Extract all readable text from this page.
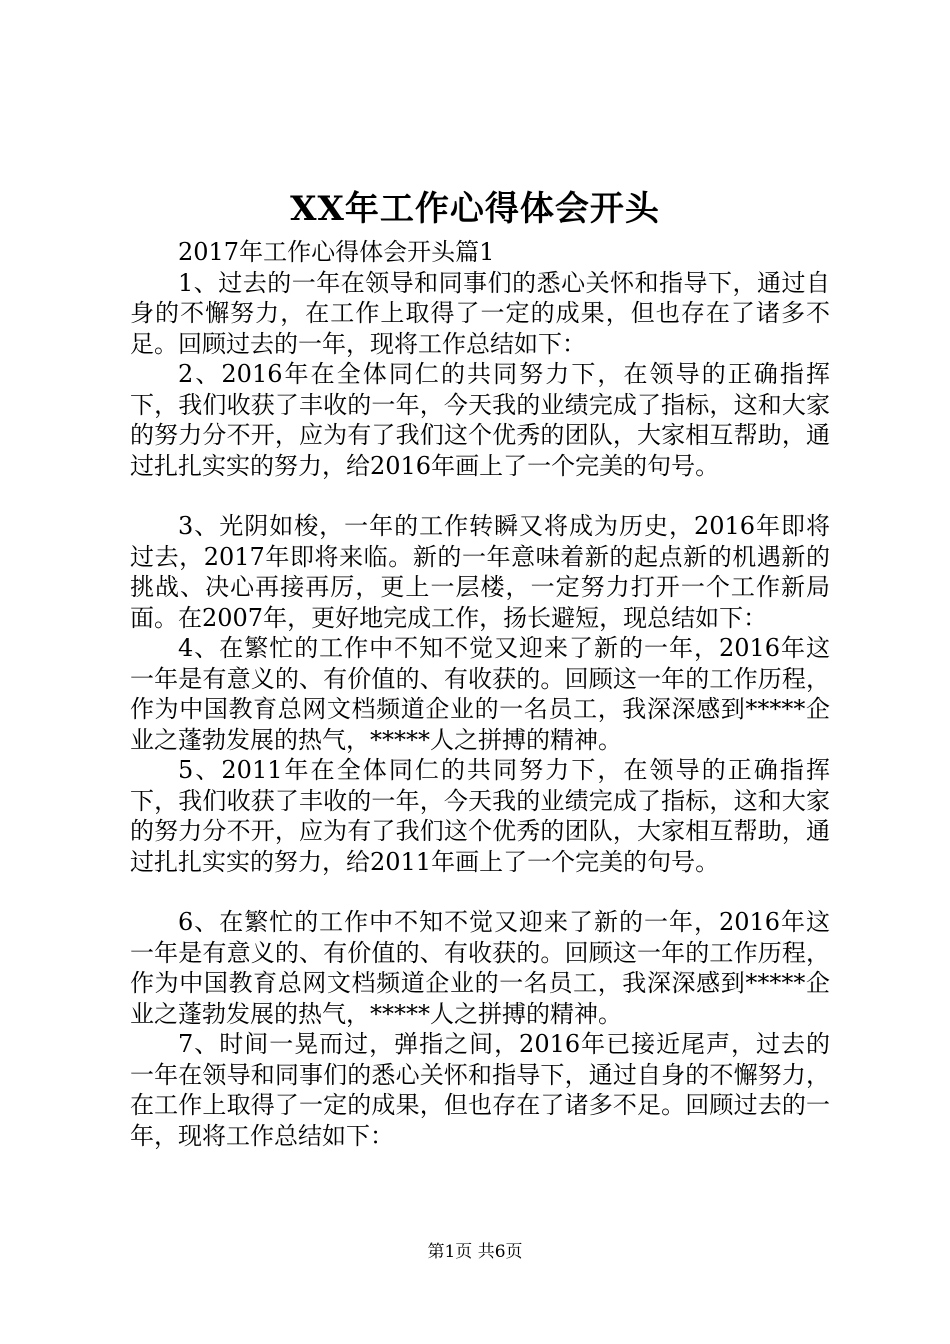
XX年工作心得体会开头

2017年工作心得体会开头篇1

1、过去的一年在领导和同事们的悉心关怀和指导下，通过自身的不懈努力，在工作上取得了一定的成果，但也存在了诸多不足。回顾过去的一年，现将工作总结如下：

2、2016年在全体同仁的共同努力下，在领导的正确指挥下，我们收获了丰收的一年，今天我的业绩完成了指标，这和大家的努力分不开，应为有了我们这个优秀的团队，大家相互帮助，通过扎扎实实的努力，给2016年画上了一个完美的句号。

3、光阴如梭，一年的工作转瞬又将成为历史，2016年即将过去，2017年即将来临。新的一年意味着新的起点新的机遇新的挑战、决心再接再厉，更上一层楼，一定努力打开一个工作新局面。在2007年，更好地完成工作，扬长避短，现总结如下：

4、在繁忙的工作中不知不觉又迎来了新的一年，2016年这一年是有意义的、有价值的、有收获的。回顾这一年的工作历程，作为中国教育总网文档频道企业的一名员工，我深深感到*****企业之蓬勃发展的热气，*****人之拼搏的精神。

5、2011年在全体同仁的共同努力下，在领导的正确指挥下，我们收获了丰收的一年，今天我的业绩完成了指标，这和大家的努力分不开，应为有了我们这个优秀的团队，大家相互帮助，通过扎扎实实的努力，给2011年画上了一个完美的句号。

6、在繁忙的工作中不知不觉又迎来了新的一年，2016年这一年是有意义的、有价值的、有收获的。回顾这一年的工作历程，作为中国教育总网文档频道企业的一名员工，我深深感到*****企业之蓬勃发展的热气，*****人之拼搏的精神。

7、时间一晃而过，弹指之间，2016年已接近尾声，过去的一年在领导和同事们的悉心关怀和指导下，通过自身的不懈努力，在工作上取得了一定的成果，但也存在了诸多不足。回顾过去的一年，现将工作总结如下：

第1页 共6页
